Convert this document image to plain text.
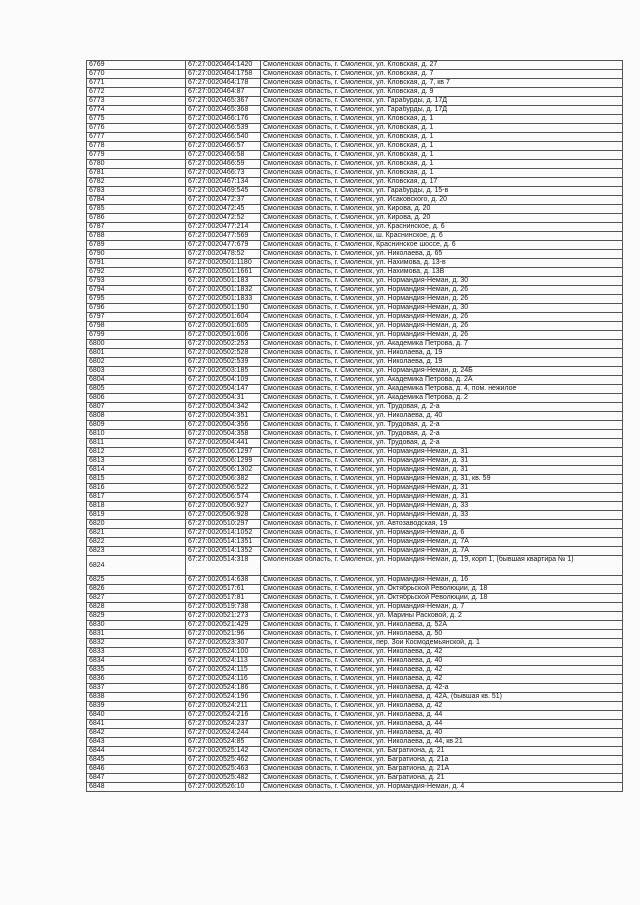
6769	67:27:0020464:1420	Смоленская область, г. Смоленск, ул. Кловская, д. 27
6770	67:27:0020464:1758	Смоленская область, г. Смоленск, ул. Кловская, д. 7
6771	67:27:0020464:178	Смоленская область, г. Смоленск, ул. Кловская, д. 7, кв 7
6772	67:27:0020464:87	Смоленская область, г. Смоленск, ул. Кловская, д. 9
6773	67:27:0020465:367	Смоленская область, г. Смоленск, ул. Гарабурды, д. 17Д
6774	67:27:0020465:368	Смоленская область, г. Смоленск, ул. Гарабурды, д. 17Д
6775	67:27:0020466:176	Смоленская область, г. Смоленск, ул. Кловская, д. 1
6776	67:27:0020466:539	Смоленская область, г. Смоленск, ул. Кловская, д. 1
6777	67:27:0020466:540	Смоленская область, г. Смоленск, ул. Кловская, д. 1
6778	67:27:0020466:57	Смоленская область, г. Смоленск, ул. Кловская, д. 1
6779	67:27:0020466:58	Смоленская область, г. Смоленск, ул. Кловская, д. 1
6780	67:27:0020466:59	Смоленская область, г. Смоленск, ул. Кловская, д. 1
6781	67:27:0020466:73	Смоленская область, г. Смоленск, ул. Кловская, д. 1
6782	67:27:0020467:134	Смоленская область, г. Смоленск, ул. Кловская, д. 17
6783	67:27:0020469:545	Смоленская область, г. Смоленск, ул. Гарабурды, д. 15-в
6784	67:27:0020472:37	Смоленская область, г. Смоленск, ул. Исаковского, д. 20
6785	67:27:0020472:45	Смоленская область, г. Смоленск, ул. Кирова, д. 20
6786	67:27:0020472:52	Смоленская область, г. Смоленск, ул. Кирова, д. 20
6787	67:27:0020477:214	Смоленская область, г. Смоленск, ул. Краснинское, д. 6
6788	67:27:0020477:569	Смоленская область, г. Смоленск, ш. Краснинское, д. 6
6789	67:27:0020477:679	Смоленская область, г. Смоленск, Краснинское шоссе, д. 6
6790	67:27:0020478:52	Смоленская область, г. Смоленск, ул. Николаева, д. 65
6791	67:27:0020501:1180	Смоленская область, г. Смоленск, ул. Нахимова, д. 13-в
6792	67:27:0020501:1661	Смоленская область, г. Смоленск, ул. Нахимова, д. 13В
6793	67:27:0020501:183	Смоленская область, г. Смоленск, ул. Нормандия-Неман, д. 30
6794	67:27:0020501:1832	Смоленская область, г. Смоленск, ул. Нормандия-Неман, д. 26
6795	67:27:0020501:1833	Смоленская область, г. Смоленск, ул. Нормандия-Неман, д. 26
6796	67:27:0020501:190	Смоленская область, г. Смоленск, ул. Нормандия-Неман, д. 30
6797	67:27:0020501:604	Смоленская область, г. Смоленск, ул. Нормандия-Неман, д. 26
6798	67:27:0020501:605	Смоленская область, г. Смоленск, ул. Нормандия-Неман, д. 26
6799	67:27:0020501:606	Смоленская область, г. Смоленск, ул. Нормандия-Неман, д. 26
6800	67:27:0020502:253	Смоленская область, г. Смоленск, ул. Академика Петрова, д. 7
6801	67:27:0020502:528	Смоленская область, г. Смоленск, ул. Николаева, д. 19
6802	67:27:0020502:539	Смоленская область, г. Смоленск, ул. Николаева, д. 19
6803	67:27:0020503:185	Смоленская область, г. Смоленск, ул. Нормандия-Неман, д. 24Б
6804	67:27:0020504:109	Смоленская область, г. Смоленск, ул. Академика Петрова, д. 2А
6805	67:27:0020504:147	Смоленская область, г. Смоленск, ул. Академика Петрова, д. 4, пом. нежилое
6806	67:27:0020504:31	Смоленская область, г. Смоленск, ул. Академика Петрова, д. 2
6807	67:27:0020504:342	Смоленская область, г. Смоленск, ул. Трудовая, д. 2-а
6808	67:27:0020504:351	Смоленская область, г. Смоленск, ул. Николаева, д. 40
6809	67:27:0020504:356	Смоленская область, г. Смоленск, ул. Трудовая, д. 2-а
6810	67:27:0020504:358	Смоленская область, г. Смоленск, ул. Трудовая, д. 2-а
6811	67:27:0020504:441	Смоленская область, г. Смоленск, ул. Трудовая, д. 2-а
6812	67:27:0020506:1297	Смоленская область, г. Смоленск, ул. Нормандия-Неман, д. 31
6813	67:27:0020506:1299	Смоленская область, г. Смоленск, ул. Нормандия-Неман, д. 31
6814	67:27:0020506:1302	Смоленская область, г. Смоленск, ул. Нормандия-Неман, д. 31
6815	67:27:0020506:382	Смоленская область, г. Смоленск, ул. Нормандия-Неман, д. 31, кв. 59
6816	67:27:0020506:522	Смоленская область, г. Смоленск, ул. Нормандия-Неман, д. 31
6817	67:27:0020506:574	Смоленская область, г. Смоленск, ул. Нормандия-Неман, д. 31
6818	67:27:0020506:927	Смоленская область, г. Смоленск, ул. Нормандия-Неман, д. 33
6819	67:27:0020506:928	Смоленская область, г. Смоленск, ул. Нормандия-Неман, д. 33
6820	67:27:0020510:297	Смоленская область, г. Смоленск, ул. Автозаводская, 19
6821	67:27:0020514:1052	Смоленская область, г. Смоленск, ул. Нормандия-Неман, д. 6
6822	67:27:0020514:1351	Смоленская область, г. Смоленск, ул. Нормандия-Неман, д. 7А
6823	67:27:0020514:1352	Смоленская область, г. Смоленск, ул. Нормандия-Неман, д. 7А
6824	67:27:0020514:318	Смоленская область, г. Смоленск, ул. Нормандия-Неман, д. 19, корп 1, (бывшая квартира № 1)
6825	67:27:0020514:638	Смоленская область, г. Смоленск, ул. Нормандия-Неман, д. 16
6826	67:27:0020517:61	Смоленская область, г. Смоленск, ул. Октябрьской Революции, д. 18
6827	67:27:0020517:81	Смоленская область, г. Смоленск, ул. Октябрьской Революции, д. 18
6828	67:27:0020519:738	Смоленская область, г. Смоленск, ул. Нормандия-Неман, д. 7
6829	67:27:0020521:273	Смоленская область, г. Смоленск, ул. Марины Расковой, д. 2
6830	67:27:0020521:429	Смоленская область, г. Смоленск, ул. Николаева, д. 52А
6831	67:27:0020521:96	Смоленская область, г. Смоленск, ул. Николаева, д. 50
6832	67:27:0020523:307	Смоленская область, г. Смоленск, пер. Зои Космодемьянской, д. 1
6833	67:27:0020524:100	Смоленская область, г. Смоленск, ул. Николаева, д. 42
6834	67:27:0020524:113	Смоленская область, г. Смоленск, ул. Николаева, д. 40
6835	67:27:0020524:115	Смоленская область, г. Смоленск, ул. Николаева, д. 42
6836	67:27:0020524:116	Смоленская область, г. Смоленск, ул. Николаева, д. 42
6837	67:27:0020524:186	Смоленская область, г. Смоленск, ул. Николаева, д. 42-а
6838	67:27:0020524:196	Смоленская область, г. Смоленск, ул. Николаева, д. 42А, (бывшая кв. 51)
6839	67:27:0020524:211	Смоленская область, г. Смоленск, ул. Николаева, д. 42
6840	67:27:0020524:216	Смоленская область, г. Смоленск, ул. Николаева, д. 44
6841	67:27:0020524:237	Смоленская область, г. Смоленск, ул. Николаева, д. 44
6842	67:27:0020524:244	Смоленская область, г. Смоленск, ул. Николаева, д. 40
6843	67:27:0020524:85	Смоленская область, г. Смоленск, ул. Николаева, д. 44, кв 21
6844	67:27:0020525:142	Смоленская область, г. Смоленск, ул. Багратиона, д. 21
6845	67:27:0020525:462	Смоленская область, г. Смоленск, ул. Багратиона, д. 21а
6846	67:27:0020525:463	Смоленская область, г. Смоленск, ул. Багратиона, д. 21А
6847	67:27:0020525:482	Смоленская область, г. Смоленск, ул. Багратиона, д. 21
6848	67:27:0020526:10	Смоленская область, г. Смоленск, ул. Нормандия-Неман, д. 4
